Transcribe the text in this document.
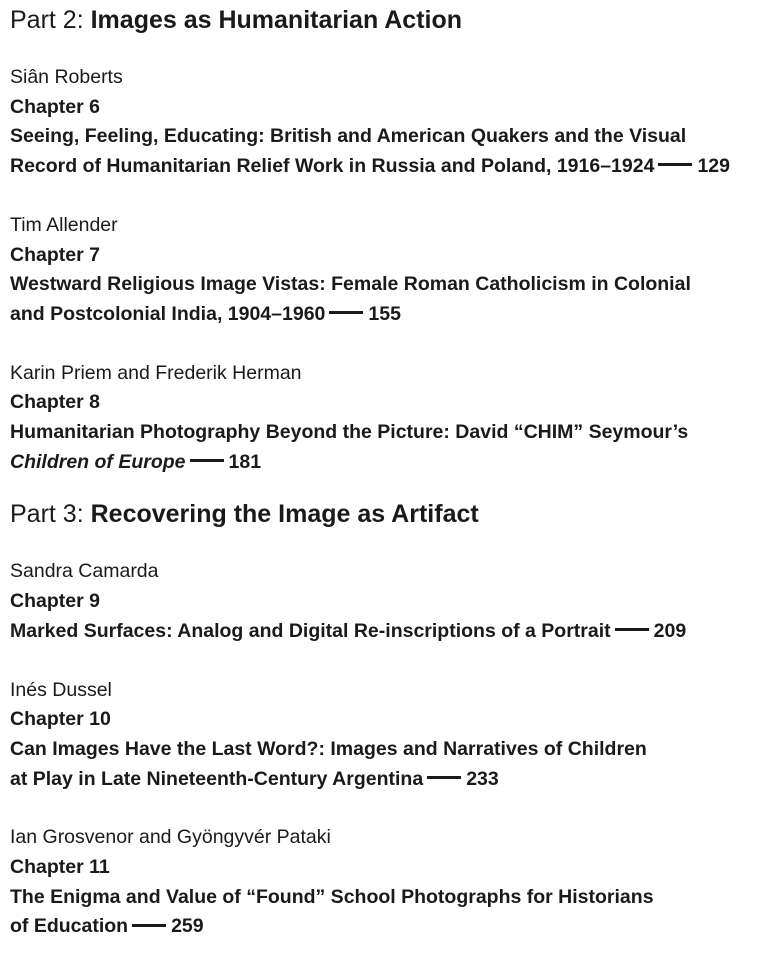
Part 2: Images as Humanitarian Action
Siân Roberts
Chapter 6
Seeing, Feeling, Educating: British and American Quakers and the Visual
Record of Humanitarian Relief Work in Russia and Poland, 1916–1924 129
Tim Allender
Chapter 7
Westward Religious Image Vistas: Female Roman Catholicism in Colonial
and Postcolonial India, 1904–1960 155
Karin Priem and Frederik Herman
Chapter 8
Humanitarian Photography Beyond the Picture: David “CHIM” Seymour’s
Children of Europe 181
Part 3: Recovering the Image as Artifact
Sandra Camarda
Chapter 9
Marked Surfaces: Analog and Digital Re-inscriptions of a Portrait 209
Inés Dussel
Chapter 10
Can Images Have the Last Word?: Images and Narratives of Children
at Play in Late Nineteenth-Century Argentina 233
Ian Grosvenor and Gyöngyvér Pataki
Chapter 11
The Enigma and Value of “Found” School Photographs for Historians
of Education 259
